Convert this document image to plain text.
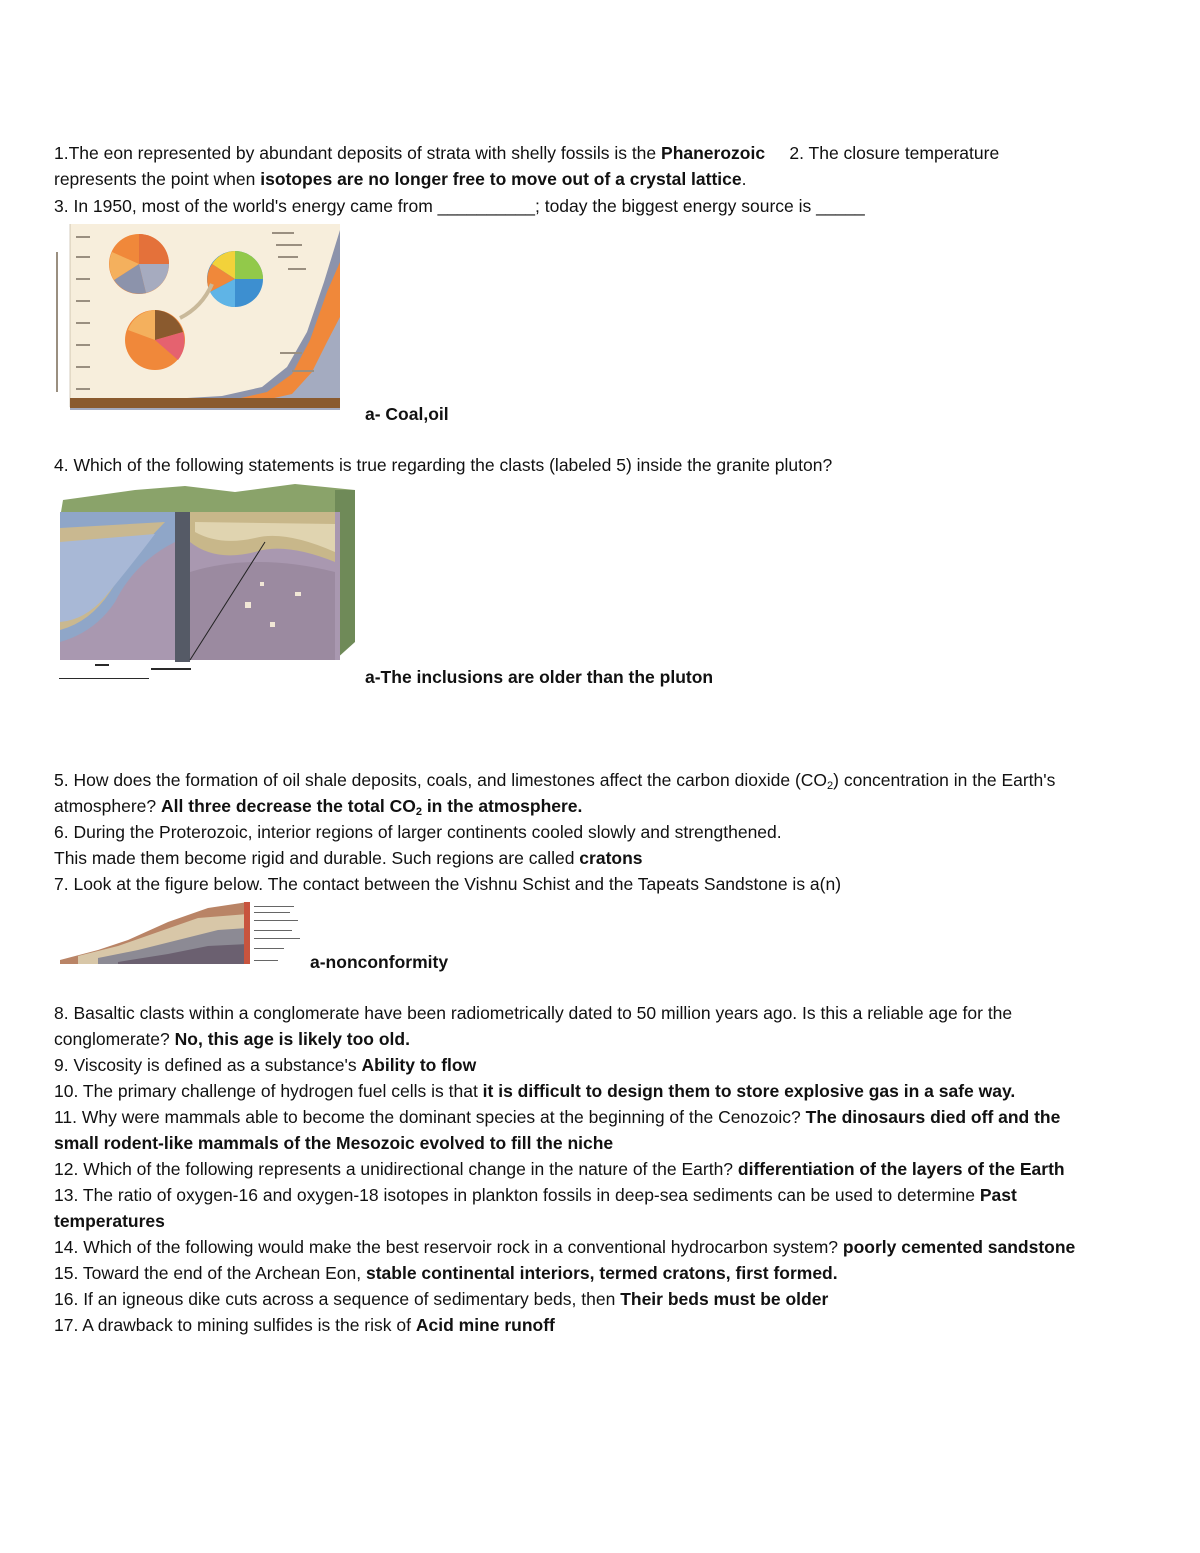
1.The eon represented by abundant deposits of strata with shelly fossils is the Phanerozoic 2. The closure temperature
represents the point when isotopes are no longer free to move out of a crystal lattice.
3. In 1950, most of the world's energy came from __________; today the biggest energy source is _____
a- Coal,oil
4. Which of the following statements is true regarding the clasts (labeled 5) inside the granite pluton?
a-The inclusions are older than the pluton
5. How does the formation of oil shale deposits, coals, and limestones affect the carbon dioxide $(CO_2)$ concentration in the Earth's
atmosphere? All three decrease the total $CO_2$ in the atmosphere.
6. During the Proterozoic, interior regions of larger continents cooled slowly and strengthened.
This made them become rigid and durable. Such regions are called cratons
7. Look at the figure below. The contact between the Vishnu Schist and the Tapeats Sandstone is a(n)
a-nonconformity
8. Basaltic clasts within a conglomerate have been radiometrically dated to 50 million years ago. Is this a reliable age for the
conglomerate? No, this age is likely too old.
9. Viscosity is defined as a substance's Ability to flow
10. The primary challenge of hydrogen fuel cells is that it is difficult to design them to store explosive gas in a safe way.
11. Why were mammals able to become the dominant species at the beginning of the Cenozoic? The dinosaurs died off and the
small rodent-like mammals of the Mesozoic evolved to fill the niche
12. Which of the following represents a unidirectional change in the nature of the Earth? differentiation of the layers of the Earth
13. The ratio of oxygen-16 and oxygen-18 isotopes in plankton fossils in deep-sea sediments can be used to determine Past
temperatures
14. Which of the following would make the best reservoir rock in a conventional hydrocarbon system? poorly cemented sandstone
15. Toward the end of the Archean Eon, stable continental interiors, termed cratons, first formed.
16. If an igneous dike cuts across a sequence of sedimentary beds, then Their beds must be older
17. A drawback to mining sulfides is the risk of Acid mine runoff
